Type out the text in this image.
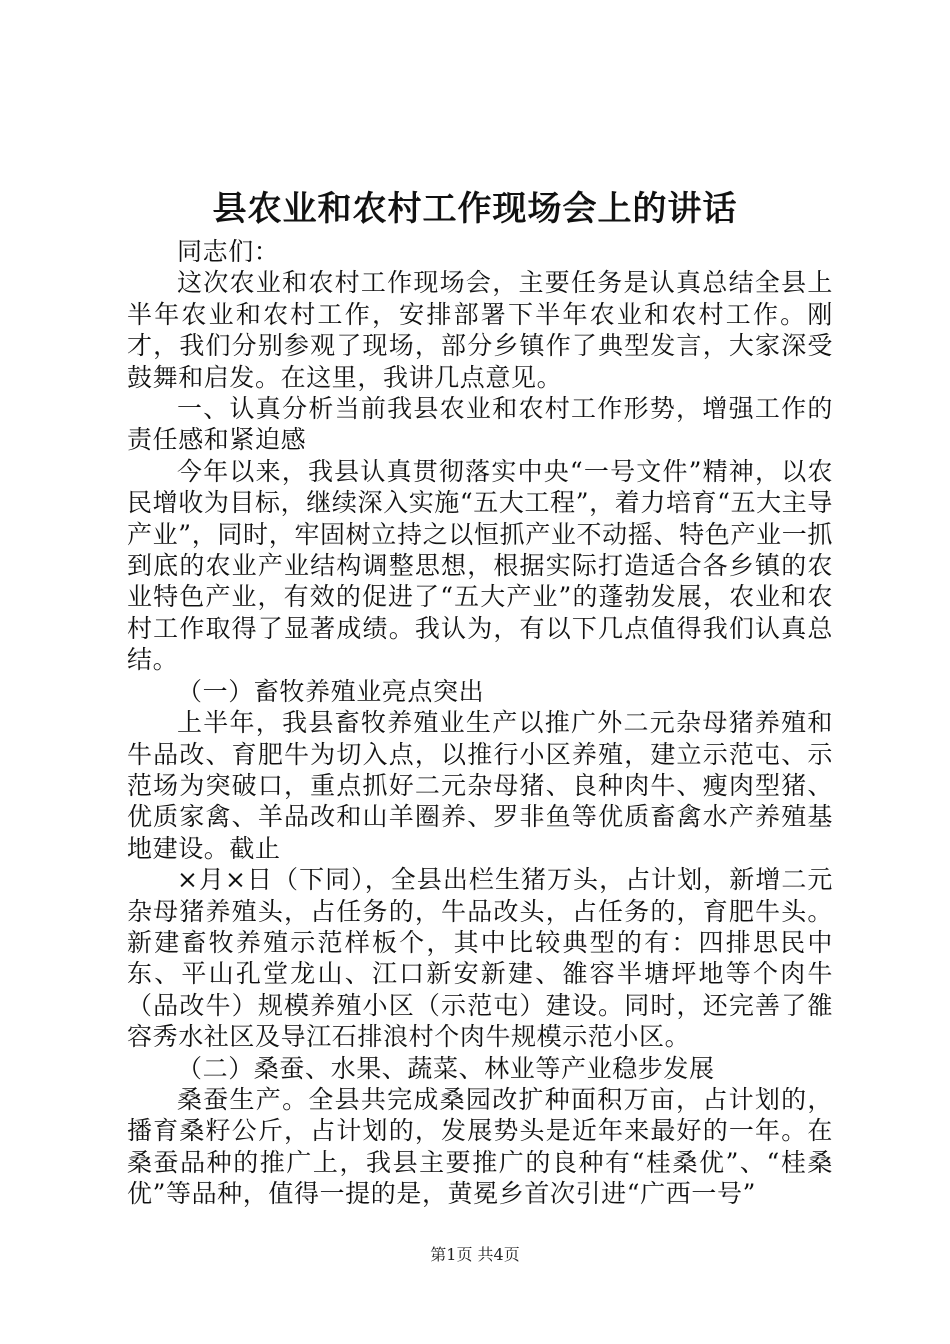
县农业和农村工作现场会上的讲话

同志们：

这次农业和农村工作现场会，主要任务是认真总结全县上半年农业和农村工作，安排部署下半年农业和农村工作。刚才，我们分别参观了现场，部分乡镇作了典型发言，大家深受鼓舞和启发。在这里，我讲几点意见。

一、认真分析当前我县农业和农村工作形势，增强工作的责任感和紧迫感

今年以来，我县认真贯彻落实中央“一号文件”精神，以农民增收为目标，继续深入实施“五大工程”，着力培育“五大主导产业”，同时，牢固树立持之以恒抓产业不动摇、特色产业一抓到底的农业产业结构调整思想，根据实际打造适合各乡镇的农业特色产业，有效的促进了“五大产业”的蓬勃发展，农业和农村工作取得了显著成绩。我认为，有以下几点值得我们认真总结。

（一）畜牧养殖业亮点突出

上半年，我县畜牧养殖业生产以推广外二元杂母猪养殖和牛品改、育肥牛为切入点，以推行小区养殖，建立示范屯、示范场为突破口，重点抓好二元杂母猪、良种肉牛、瘦肉型猪、优质家禽、羊品改和山羊圈养、罗非鱼等优质畜禽水产养殖基地建设。截止

×月×日（下同），全县出栏生猪万头，占计划，新增二元杂母猪养殖头，占任务的，牛品改头，占任务的，育肥牛头。新建畜牧养殖示范样板个，其中比较典型的有：四排思民中东、平山孔堂龙山、江口新安新建、雒容半塘坪地等个肉牛（品改牛）规模养殖小区（示范屯）建设。同时，还完善了雒容秀水社区及导江石排浪村个肉牛规模示范小区。

（二）桑蚕、水果、蔬菜、林业等产业稳步发展

桑蚕生产。全县共完成桑园改扩种面积万亩，占计划的，播育桑籽公斤，占计划的，发展势头是近年来最好的一年。在桑蚕品种的推广上，我县主要推广的良种有“桂桑优”、“桂桑优”等品种，值得一提的是，黄冕乡首次引进“广西一号”

第1页 共4页
